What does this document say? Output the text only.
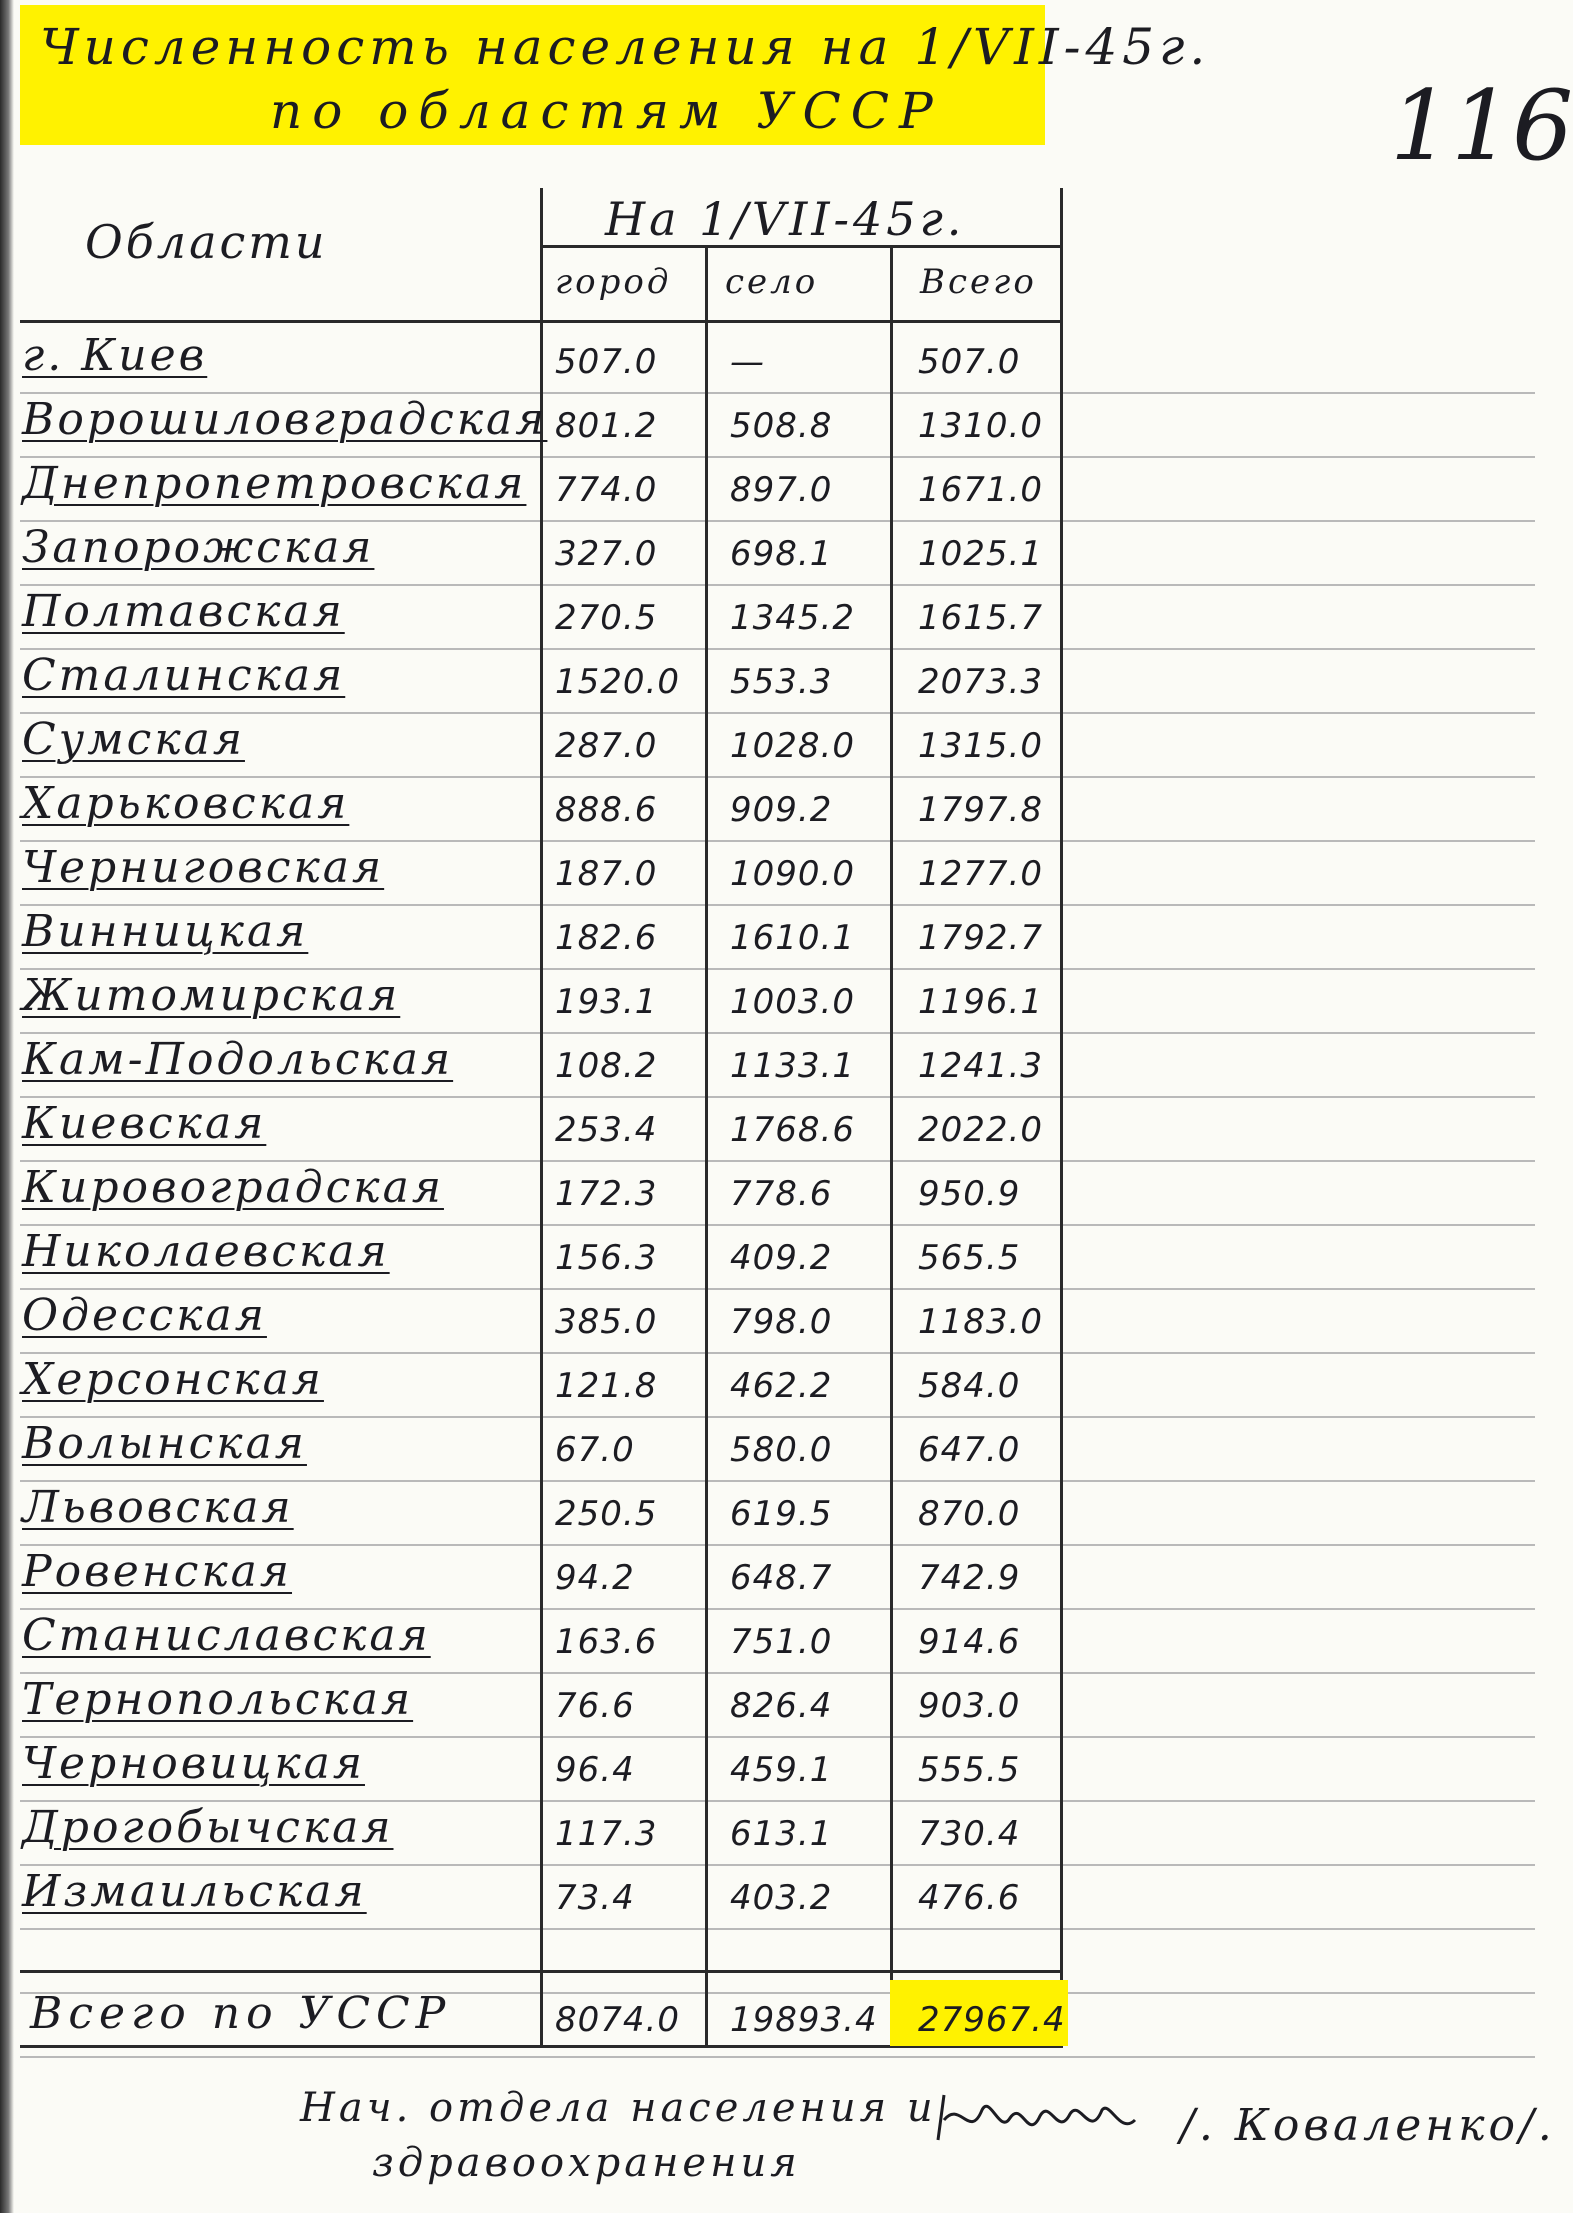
Численность населения на 1/VII-45г.
по областям УССР	116
Области	На 1/VII-45г.
город село	Всего
г. Киев	507.0 —	507.0
Ворошиловградская 801.2 508.8	1310.0
Днепропетровская 774.0 897.0	1671.0
Запорожская	327.0 698.1	1025.1
Полтавская	270.5 1345.2 1615.7
Сталинская	1520.0 553.3	2073.3
Сумская	287.0 1028.0 1315.0
Харьковская	888.6 909.2	1797.8
Черниговская	187.0 1090.0 1277.0
Винницкая	182.6 1610.1 1792.7
Житомирская	193.1 1003.0 1196.1
Кам-Подольская	108.2 1133.1 1241.3
Киевская	253.4 1768.6 2022.0
Кировоградская	172.3 778.6	950.9
Николаевская	156.3 409.2	565.5
Одесская	385.0 798.0	1183.0
Херсонская	121.8 462.2	584.0
Волынская	67.0	580.0	647.0
Львовская	250.5 619.5	870.0
Ровенская	94.2	648.7	742.9
Станиславская	163.6 751.0	914.6
Тернопольская	76.6	826.4	903.0
Черновицкая	96.4	459.1	555.5
Дрогобычская	117.3 613.1	730.4
Измаильская	73.4	403.2	476.6
Всего по УССР	8074.0 19893.4 27967.4
Нач. отдела населения и
здравоохранения
/. Коваленко/.
